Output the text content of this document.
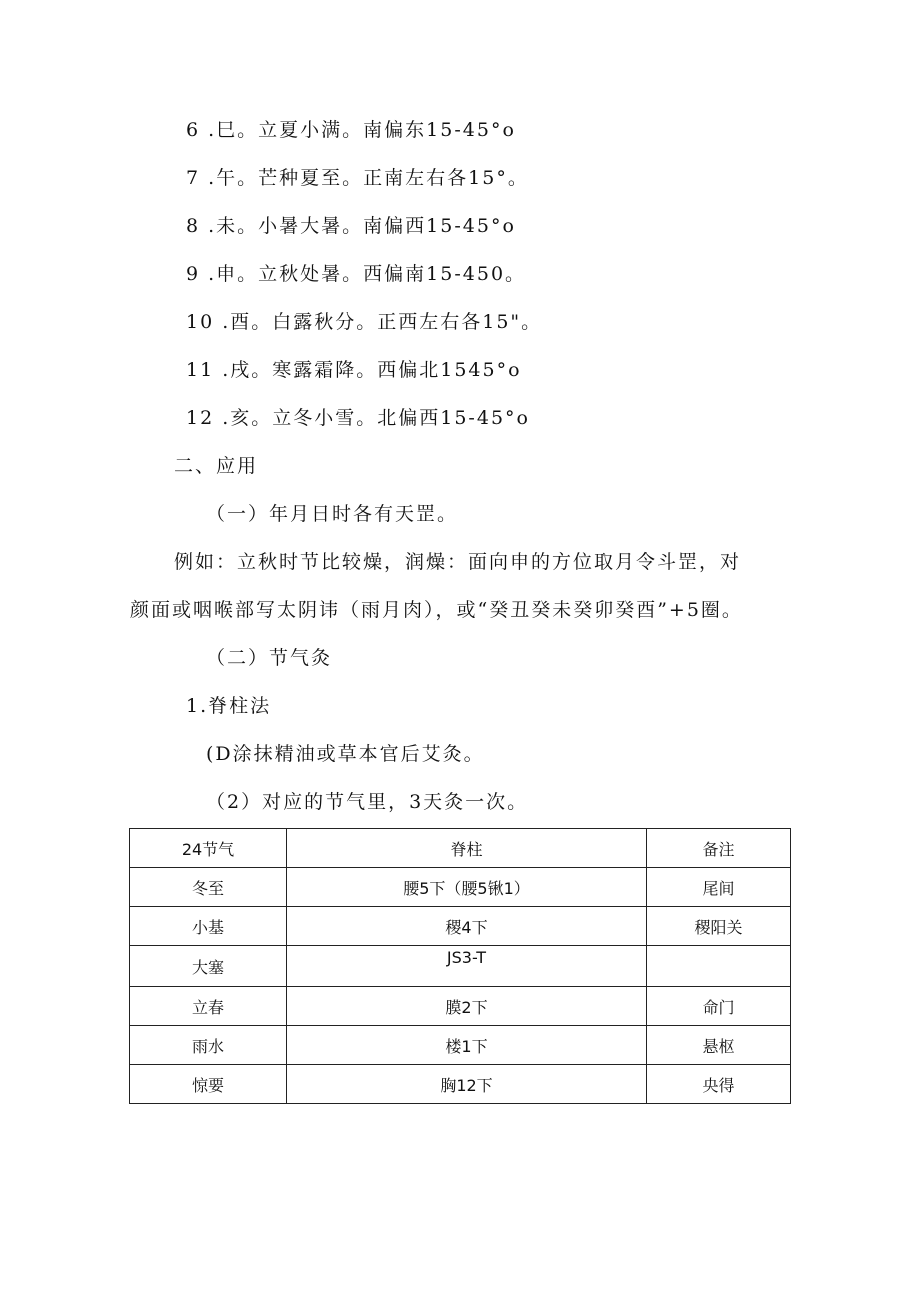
6 .巳。立夏小满。南偏东15-45°o
7 .午。芒种夏至。正南左右各15°。
8 .未。小暑大暑。南偏西15-45°o
9 .申。立秋处暑。西偏南15-450。
10 .酉。白露秋分。正西左右各15"。
11 .戌。寒露霜降。西偏北1545°o
12 .亥。立冬小雪。北偏西15-45°o
二、应用
（一）年月日时各有天罡。
例如：立秋时节比较燥，润燥：面向申的方位取月令斗罡，对
颜面或咽喉部写太阴讳（雨月肉），或“癸丑癸未癸卯癸酉”+5圈。
（二）节气灸
1.脊柱法
(D涂抹精油或草本官后艾灸。
（2）对应的节气里，3天灸一次。
24节气	脊柱	备注
冬至	腰5下（腰5锹1）	尾间
小基	稷4下	稷阳关
大塞	JS3-T	
立春	膜2下	命门
雨水	楼1下	悬枢
惊要	胸12下	央得
